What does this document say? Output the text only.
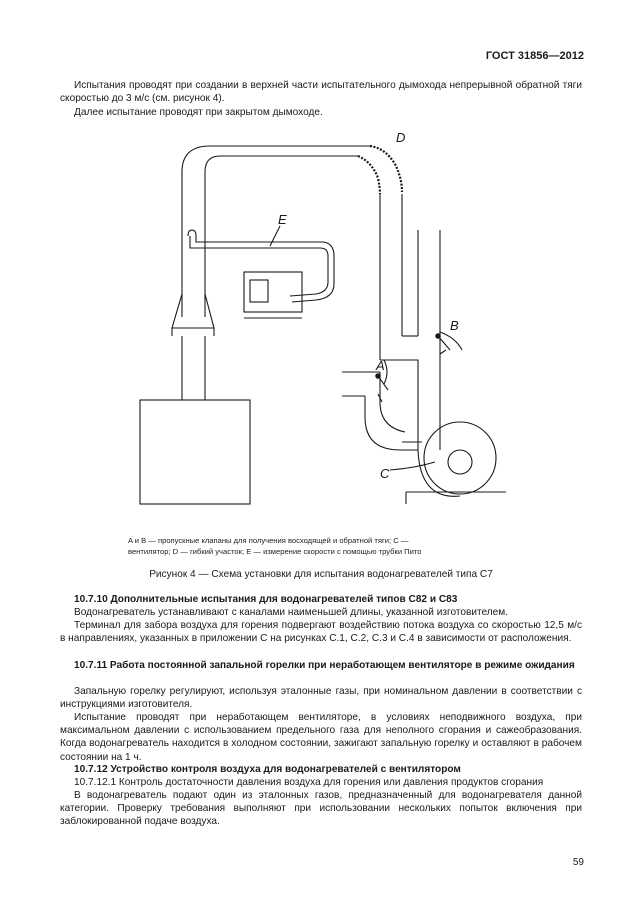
ГОСТ 31856—2012
Испытания проводят при создании в верхней части испытательного дымохода непрерывной обратной тяги скоростью до 3 м/с (см. рисунок 4).
Далее испытание проводят при закрытом дымоходе.
D
E
B
A
C
A и B — пропускные клапаны для получения восходящей и обратной тяги; C —
вентилятор; D — гибкий участок; E — измерение скорости с помощью трубки Пито
Рисунок 4 — Схема установки для испытания водонагревателей типа C7
10.7.10 Дополнительные испытания для водонагревателей типов C82 и C83
Водонагреватель устанавливают с каналами наименьшей длины, указанной изготовителем.
Терминал для забора воздуха для горения подвергают воздействию потока воздуха со скоростью 12,5 м/с в направлениях, указанных в приложении С на рисунках С.1, С.2, С.3 и С.4 в зависимости от расположения.
10.7.11 Работа постоянной запальной горелки при неработающем вентиляторе в режиме ожидания
Запальную горелку регулируют, используя эталонные газы, при номинальном давлении в соответствии с инструкциями изготовителя.
Испытание проводят при неработающем вентиляторе, в условиях неподвижного воздуха, при максимальном давлении с использованием предельного газа для неполного сгорания и сажеобразования. Когда водонагреватель находится в холодном состоянии, зажигают запальную горелку и оставляют в рабочем состоянии на 1 ч.
10.7.12 Устройство контроля воздуха для водонагревателей с вентилятором
10.7.12.1 Контроль достаточности давления воздуха для горения или давления продуктов сгорания
В водонагреватель подают один из эталонных газов, предназначенный для водонагревателя данной категории. Проверку требования выполняют при использовании нескольких попыток включения при заблокированной подаче воздуха.
59
